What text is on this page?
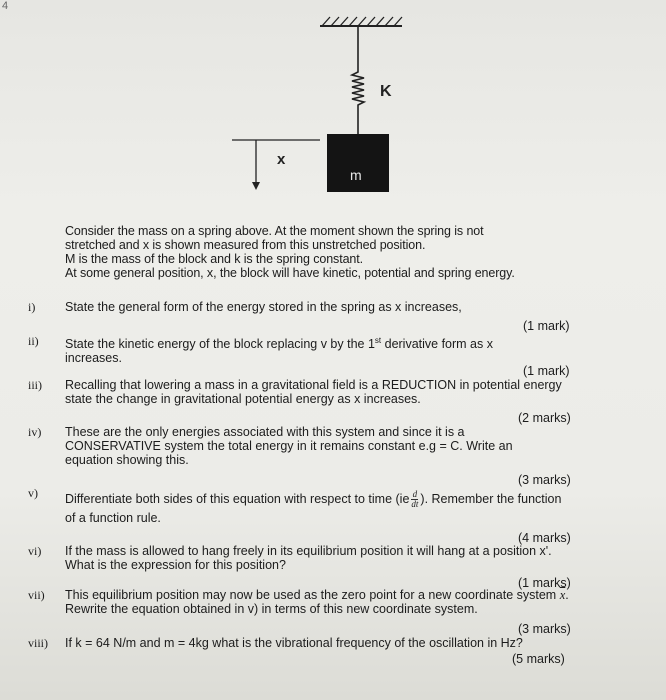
4
K
x
m
Consider the mass on a spring above. At the moment shown the spring is not
stretched and x is shown measured from this unstretched position.
M is the mass of the block and k is the spring constant.
At some general position, x, the block will have kinetic, potential and spring energy.
i) State the general form of the energy stored in the spring as x increases,
(1 mark)
ii) State the kinetic energy of the block replacing v by the 1st derivative form as x increases.
(1 mark)
iii) Recalling that lowering a mass in a gravitational field is a REDUCTION in potential energy state the change in gravitational potential energy as x increases.
(2 marks)
iv) These are the only energies associated with this system and since it is a CONSERVATIVE system the total energy in it remains constant e.g = C. Write an equation showing this.
(3 marks)
v) Differentiate both sides of this equation with respect to time ($ie \frac{d}{dt}$ ). Remember the function of a function rule.
(4 marks)
vi) If the mass is allowed to hang freely in its equilibrium position it will hang at a position x'. What is the expression for this position?
(1 marks)
vii) This equilibrium position may now be used as the zero point for a new coordinate system $\overline{x}$. Rewrite the equation obtained in v) in terms of this new coordinate system.
(3 marks)
viii) If k = 64 N/m and m = 4kg what is the vibrational frequency of the oscillation in Hz?
(5 marks)
